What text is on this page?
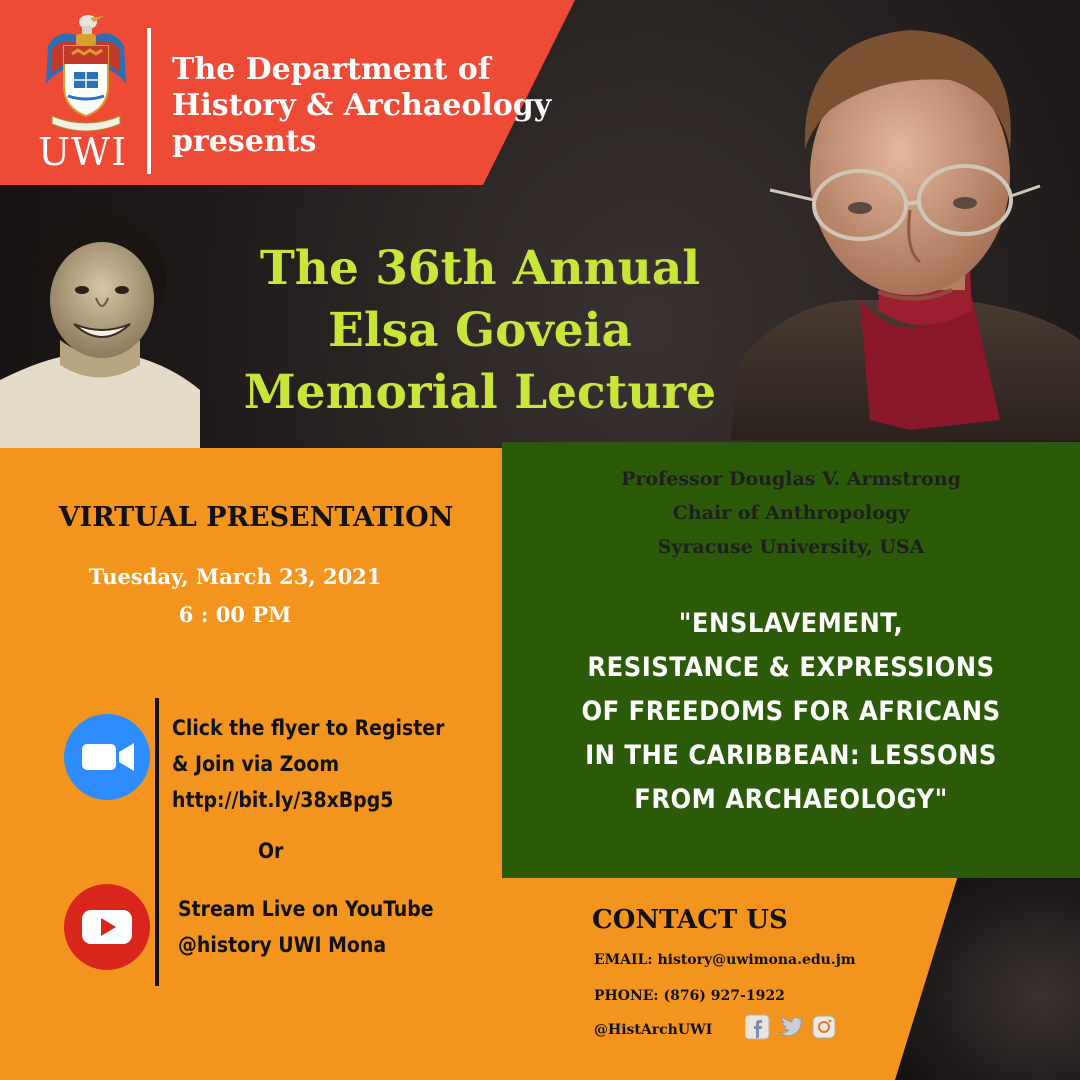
UWI
The Department of
History & Archaeology
presents
The 36th Annual
Elsa Goveia
Memorial Lecture
Professor Douglas V. Armstrong
Chair of Anthropology
Syracuse University, USA
"ENSLAVEMENT,
RESISTANCE & EXPRESSIONS
OF FREEDOMS FOR AFRICANS
IN THE CARIBBEAN: LESSONS
FROM ARCHAEOLOGY"
VIRTUAL PRESENTATION
Tuesday, March 23, 2021
6 : 00 PM
Click the flyer to Register
& Join via Zoom
http://bit.ly/38xBpg5
Or
Stream Live on YouTube
@history UWI Mona
CONTACT US
EMAIL: history@uwimona.edu.jm
PHONE: (876) 927-1922
@HistArchUWI
